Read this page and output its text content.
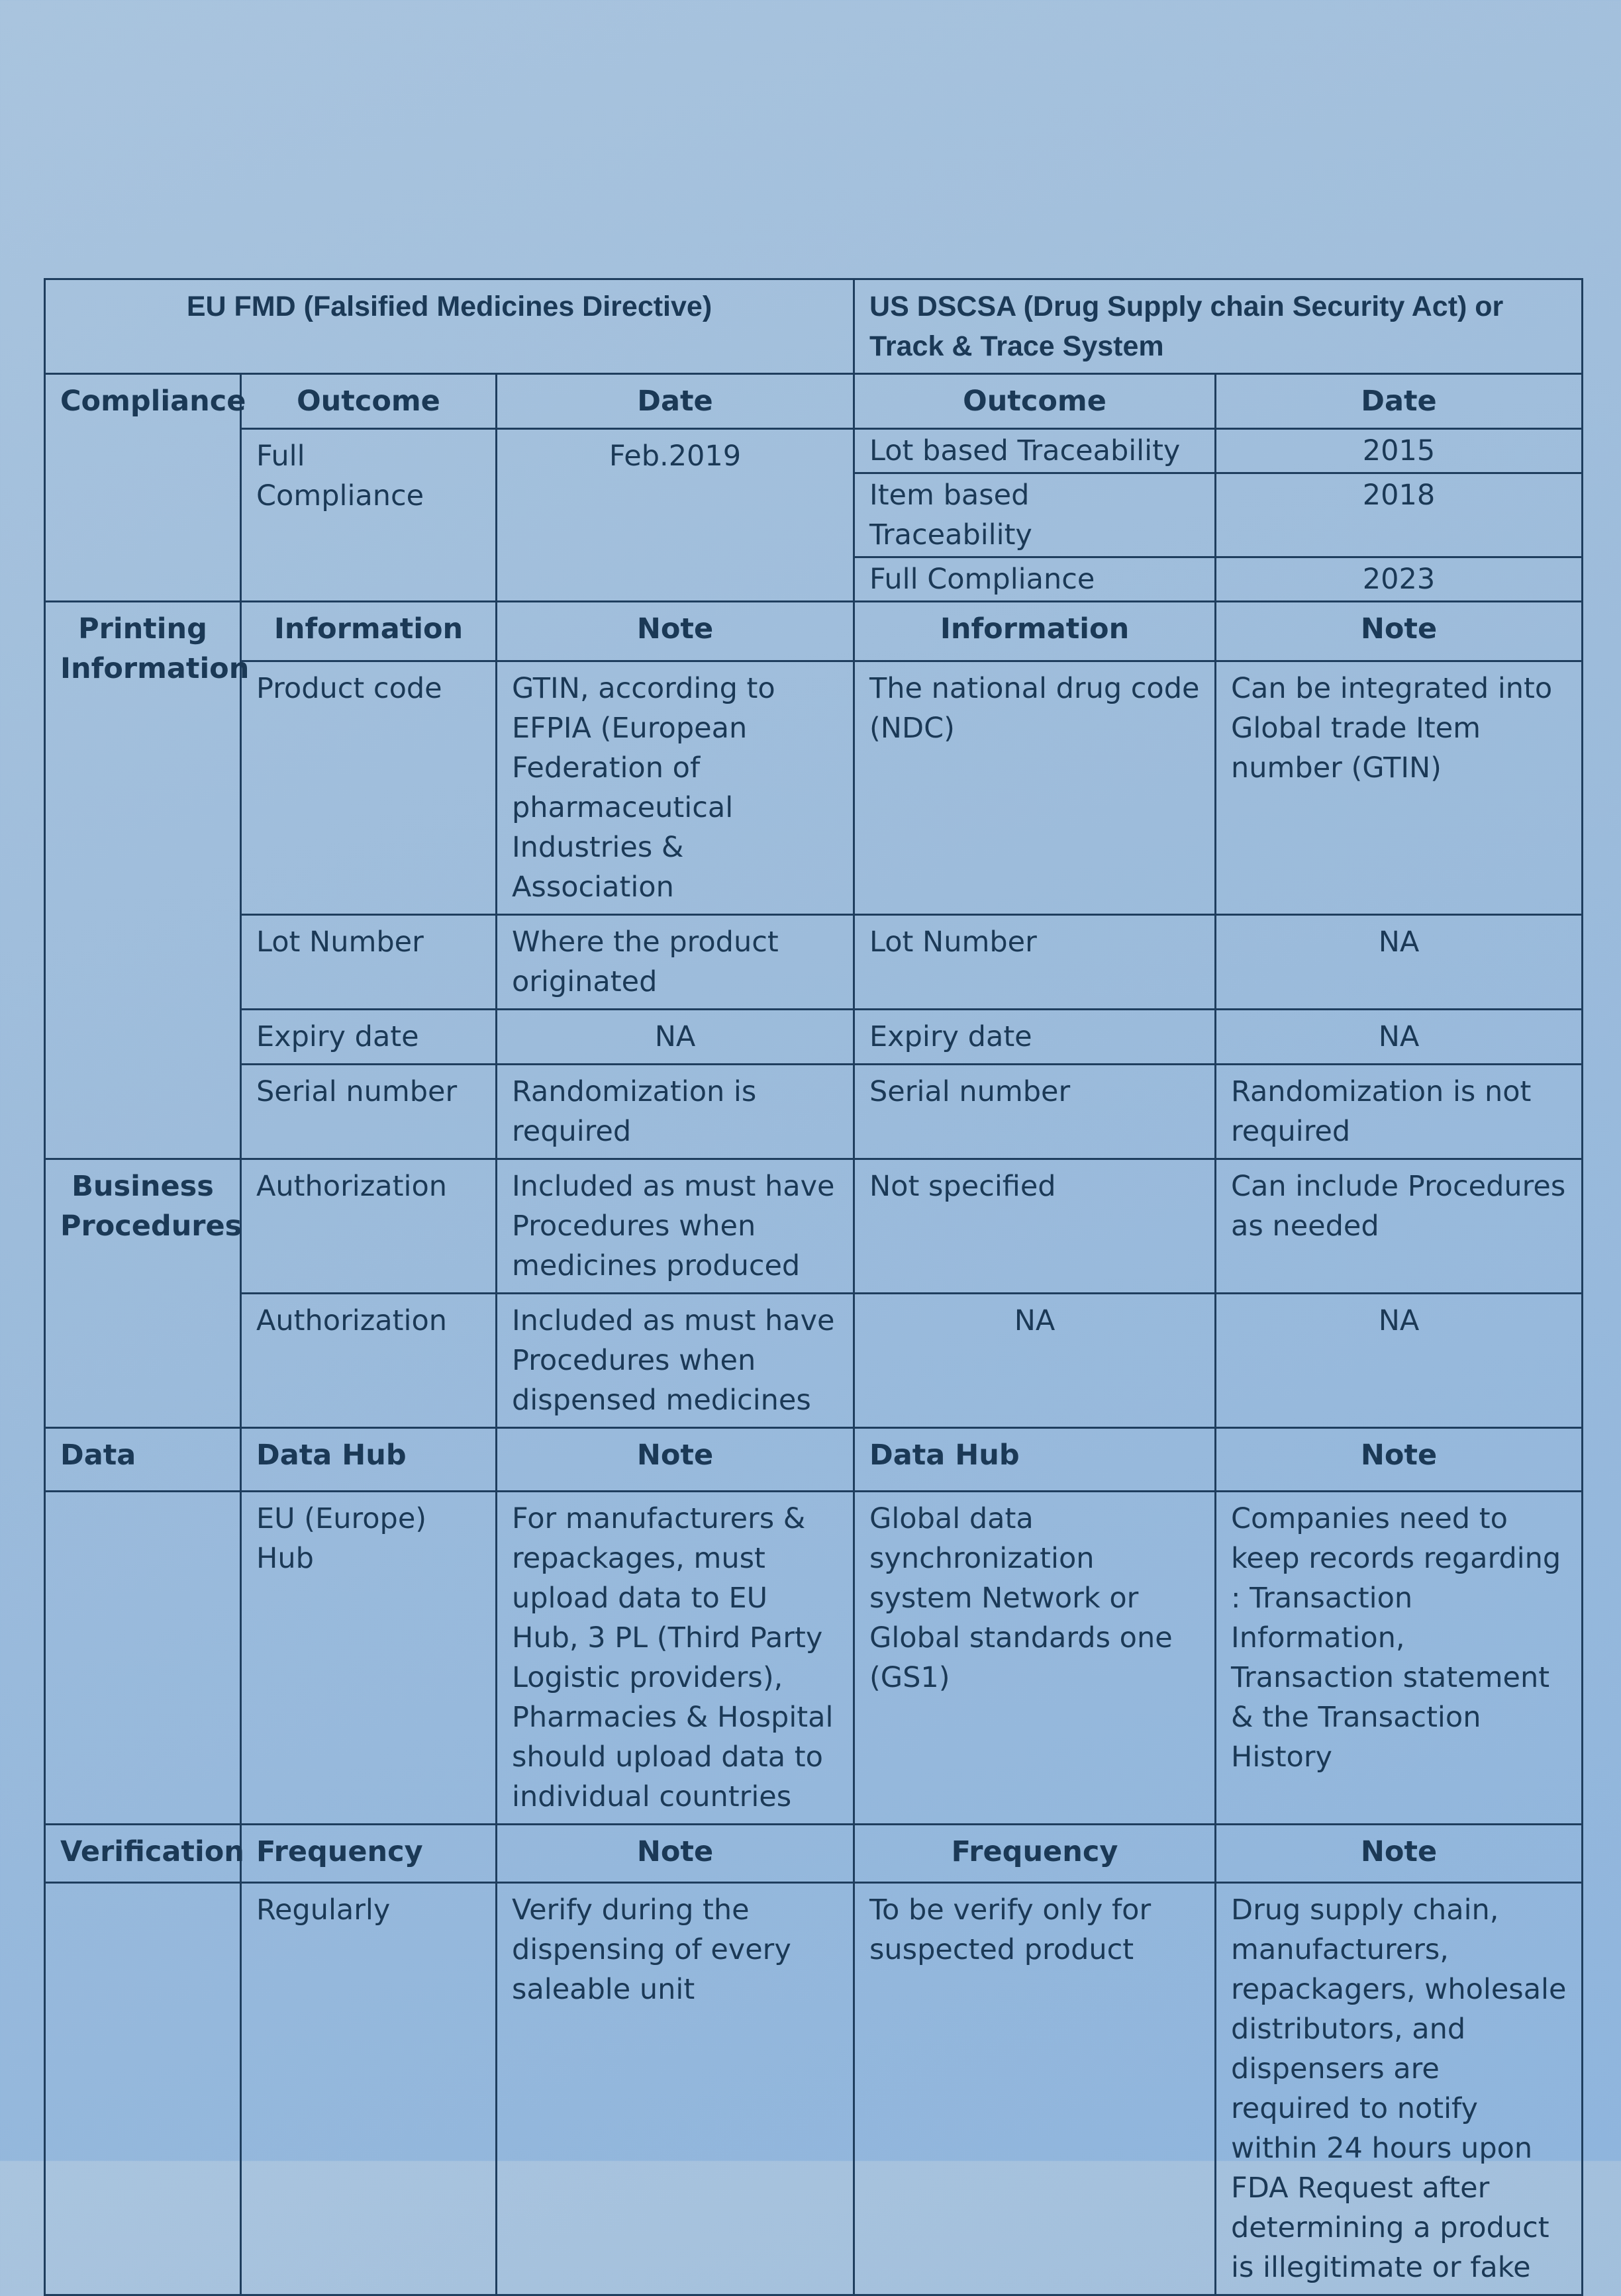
EU FMD (Falsified Medicines Directive)			US DSCSA (Drug Supply chain Security Act) or Track & Trace System	
Compliance	Outcome	Date	Outcome	Date
	Full Compliance	Feb.2019	Lot based Traceability	2015
			Item based Traceability	2018
			Full Compliance	2023
Printing Information	Information	Note	Information	Note
	Product code	GTIN, according to EFPIA (European Federation of pharmaceutical Industries & Association	The national drug code (NDC)	Can be integrated into Global trade Item number (GTIN)
	Lot Number	Where the product originated	Lot Number	NA
	Expiry date	NA	Expiry date	NA
	Serial number	Randomization is required	Serial number	Randomization is not required
Business Procedures	Authorization	Included as must have Procedures when medicines produced	Not specified	Can include Procedures as needed
	Authorization	Included as must have Procedures when dispensed medicines	NA	NA
Data	Data Hub	Note	Data Hub	Note
	EU (Europe) Hub	For manufacturers & repackages, must upload data to EU Hub, 3 PL (Third Party Logistic providers), Pharmacies & Hospital should upload data to individual countries	Global data synchronization system Network or Global standards one (GS1)	Companies need to keep records regarding : Transaction Information, Transaction statement & the Transaction History
Verification	Frequency	Note	Frequency	Note
	Regularly	Verify during the dispensing of every saleable unit	To be verify only for suspected product	Drug supply chain, manufacturers, repackagers, wholesale distributors, and dispensers are required to notify within 24 hours upon FDA Request after determining a product is illegitimate or fake
